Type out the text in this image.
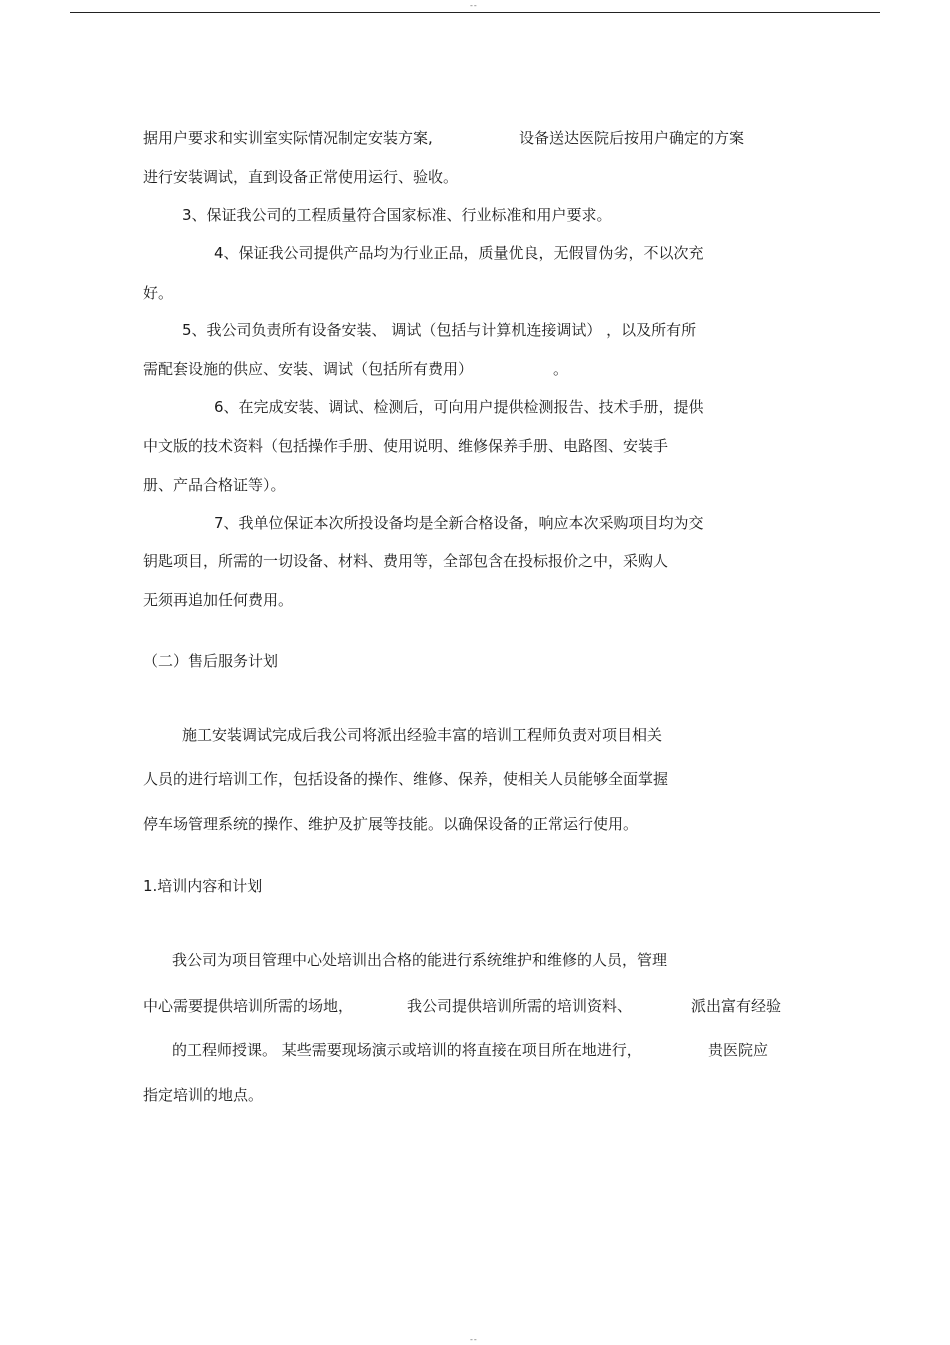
--
据用户要求和实训室实际情况制定安装方案,	设备送达医院后按用户确定的方案
进行安装调试，直到设备正常使用运行、验收。
3、保证我公司的工程质量符合国家标准、行业标准和用户要求。
4、保证我公司提供产品均为行业正品，质量优良，无假冒伪劣，不以次充
好。
5、我公司负责所有设备安装、 调试（包括与计算机连接调试） ，以及所有所
需配套设施的供应、安装、调试（包括所有费用）	。
6、在完成安装、调试、检测后，可向用户提供检测报告、技术手册，提供
中文版的技术资料（包括操作手册、使用说明、维修保养手册、电路图、安装手
册、产品合格证等）。
7、我单位保证本次所投设备均是全新合格设备，响应本次采购项目均为交
钥匙项目，所需的一切设备、材料、费用等，全部包含在投标报价之中，采购人
无须再追加任何费用。
（二）售后服务计划
施工安装调试完成后我公司将派出经验丰富的培训工程师负责对项目相关
人员的进行培训工作，包括设备的操作、维修、保养，使相关人员能够全面掌握
停车场管理系统的操作、维护及扩展等技能。以确保设备的正常运行使用。
1.培训内容和计划
我公司为项目管理中心处培训出合格的能进行系统维护和维修的人员，管理
中心需要提供培训所需的场地，	我公司提供培训所需的培训资料、	派出富有经验
的工程师授课。 某些需要现场演示或培训的将直接在项目所在地进行，	贵医院应
指定培训的地点。
--
